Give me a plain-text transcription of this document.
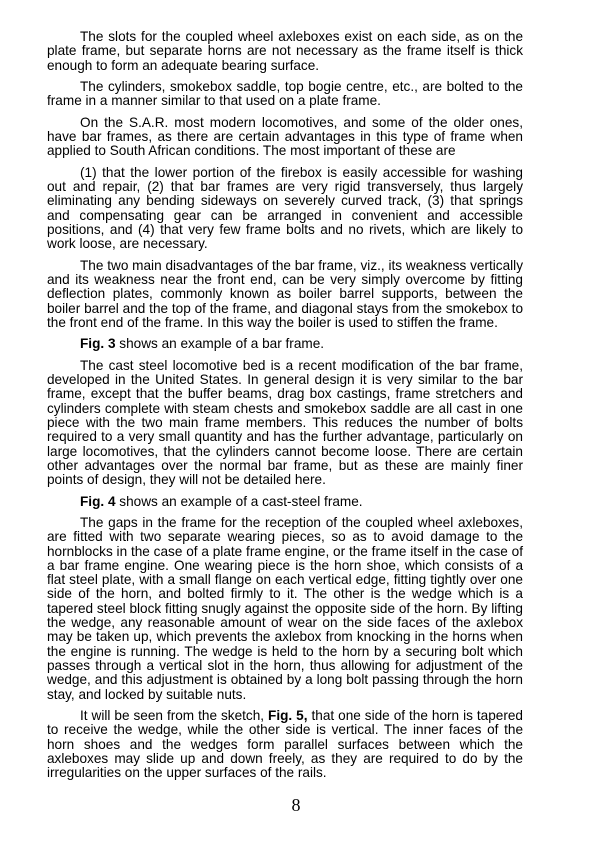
The slots for the coupled wheel axleboxes exist on each side, as on the plate frame, but separate horns are not necessary as the frame itself is thick enough to form an adequate bearing surface.

The cylinders, smokebox saddle, top bogie centre, etc., are bolted to the frame in a manner similar to that used on a plate frame.

On the S.A.R. most modern locomotives, and some of the older ones, have bar frames, as there are certain advantages in this type of frame when applied to South African conditions. The most important of these are

(1) that the lower portion of the firebox is easily accessible for washing out and repair, (2) that bar frames are very rigid transversely, thus largely eliminating any bending sideways on severely curved track, (3) that springs and compensating gear can be arranged in convenient and accessible positions, and (4) that very few frame bolts and no rivets, which are likely to work loose, are necessary.

The two main disadvantages of the bar frame, viz., its weakness vertically and its weakness near the front end, can be very simply overcome by fitting deflection plates, commonly known as boiler barrel supports, between the boiler barrel and the top of the frame, and diagonal stays from the smokebox to the front end of the frame. In this way the boiler is used to stiffen the frame.

Fig. 3 shows an example of a bar frame.

The cast steel locomotive bed is a recent modification of the bar frame, developed in the United States. In general design it is very similar to the bar frame, except that the buffer beams, drag box castings, frame stretchers and cylinders complete with steam chests and smokebox saddle are all cast in one piece with the two main frame members. This reduces the number of bolts required to a very small quantity and has the further advantage, particularly on large locomotives, that the cylinders cannot become loose. There are certain other advantages over the normal bar frame, but as these are mainly finer points of design, they will not be detailed here.

Fig. 4 shows an example of a cast-steel frame.

The gaps in the frame for the reception of the coupled wheel axleboxes, are fitted with two separate wearing pieces, so as to avoid damage to the hornblocks in the case of a plate frame engine, or the frame itself in the case of a bar frame engine. One wearing piece is the horn shoe, which consists of a flat steel plate, with a small flange on each vertical edge, fitting tightly over one side of the horn, and bolted firmly to it. The other is the wedge which is a tapered steel block fitting snugly against the opposite side of the horn. By lifting the wedge, any reasonable amount of wear on the side faces of the axlebox may be taken up, which prevents the axlebox from knocking in the horns when the engine is running. The wedge is held to the horn by a securing bolt which passes through a vertical slot in the horn, thus allowing for adjustment of the wedge, and this adjustment is obtained by a long bolt passing through the horn stay, and locked by suitable nuts.

It will be seen from the sketch, Fig. 5, that one side of the horn is tapered to receive the wedge, while the other side is vertical. The inner faces of the horn shoes and the wedges form parallel surfaces between which the axleboxes may slide up and down freely, as they are required to do by the irregularities on the upper surfaces of the rails.

8
